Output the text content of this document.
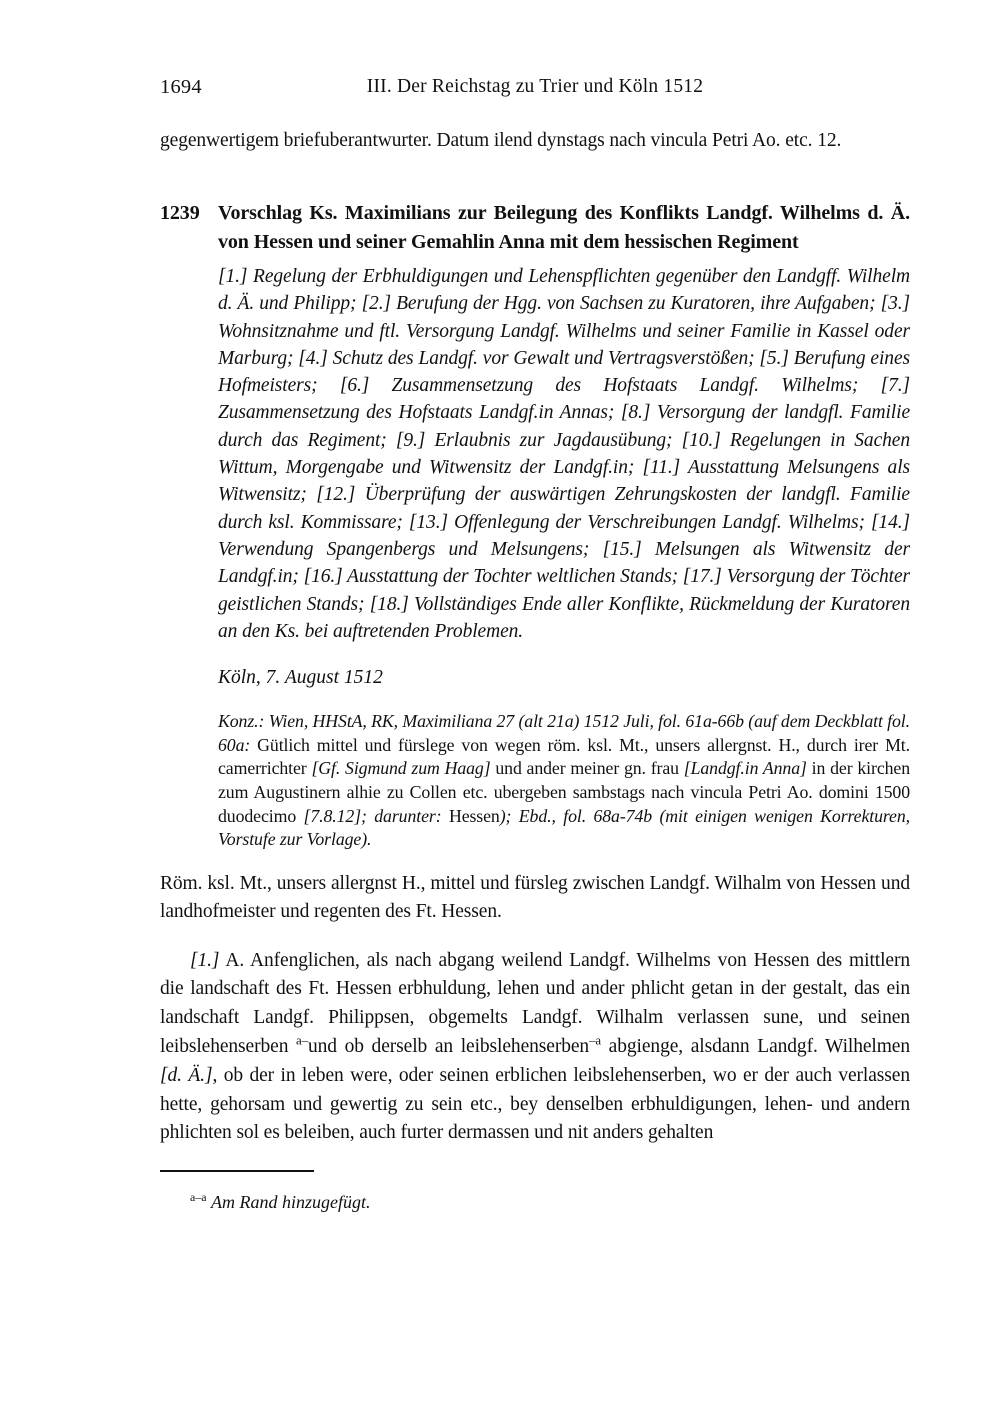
1694	III. Der Reichstag zu Trier und Köln 1512

gegenwertigem briefuberantwurter. Datum ilend dynstags nach vincula Petri Ao. etc. 12.

1239 Vorschlag Ks. Maximilians zur Beilegung des Konflikts Landgf. Wilhelms d. Ä. von Hessen und seiner Gemahlin Anna mit dem hessischen Regiment

[1.] Regelung der Erbhuldigungen und Lehenspflichten gegenüber den Landgff. Wilhelm d. Ä. und Philipp; [2.] Berufung der Hgg. von Sachsen zu Kuratoren, ihre Aufgaben; [3.] Wohnsitznahme und ftl. Versorgung Landgf. Wilhelms und seiner Familie in Kassel oder Marburg; [4.] Schutz des Landgf. vor Gewalt und Vertragsverstößen; [5.] Berufung eines Hofmeisters; [6.] Zusammensetzung des Hofstaats Landgf. Wilhelms; [7.] Zusammensetzung des Hofstaats Landgf.in Annas; [8.] Versorgung der landgfl. Familie durch das Regiment; [9.] Erlaubnis zur Jagdausübung; [10.] Regelungen in Sachen Wittum, Morgengabe und Witwensitz der Landgf.in; [11.] Ausstattung Melsungens als Witwensitz; [12.] Überprüfung der auswärtigen Zehrungskosten der landgfl. Familie durch ksl. Kommissare; [13.] Offenlegung der Verschreibungen Landgf. Wilhelms; [14.] Verwendung Spangenbergs und Melsungens; [15.] Melsungen als Witwensitz der Landgf.in; [16.] Ausstattung der Tochter weltlichen Stands; [17.] Versorgung der Töchter geistlichen Stands; [18.] Vollständiges Ende aller Konflikte, Rückmeldung der Kuratoren an den Ks. bei auftretenden Problemen.

Köln, 7. August 1512

Konz.: Wien, HHStA, RK, Maximiliana 27 (alt 21a) 1512 Juli, fol. 61a-66b (auf dem Deckblatt fol. 60a: Gütlich mittel und fürslege von wegen röm. ksl. Mt., unsers allergnst. H., durch irer Mt. camerrichter [Gf. Sigmund zum Haag] und ander meiner gn. frau [Landgf.in Anna] in der kirchen zum Augustinern alhie zu Collen etc. ubergeben sambstags nach vincula Petri Ao. domini 1500 duodecimo [7.8.12]; darunter: Hessen); Ebd., fol. 68a-74b (mit einigen wenigen Korrekturen, Vorstufe zur Vorlage).

Röm. ksl. Mt., unsers allergnst H., mittel und fürsleg zwischen Landgf. Wilhalm von Hessen und landhofmeister und regenten des Ft. Hessen.

[1.] A. Anfenglichen, als nach abgang weilend Landgf. Wilhelms von Hessen des mittlern die landschaft des Ft. Hessen erbhuldung, lehen und ander phlicht getan in der gestalt, das ein landschaft Landgf. Philippsen, obgemelts Landgf. Wilhalm verlassen sune, und seinen leibslehenserben $^{a-}$und ob derselb an leibslehenserben$^{-a}$ abgienge, alsdann Landgf. Wilhelmen [d. Ä.], ob der in leben were, oder seinen erblichen leibslehenserben, wo er der auch verlassen hette, gehorsam und gewertig zu sein etc., bey denselben erbhuldigungen, lehen- und andern phlichten sol es beleiben, auch furter dermassen und nit anders gehalten

$^{a-a}$ Am Rand hinzugefügt.
